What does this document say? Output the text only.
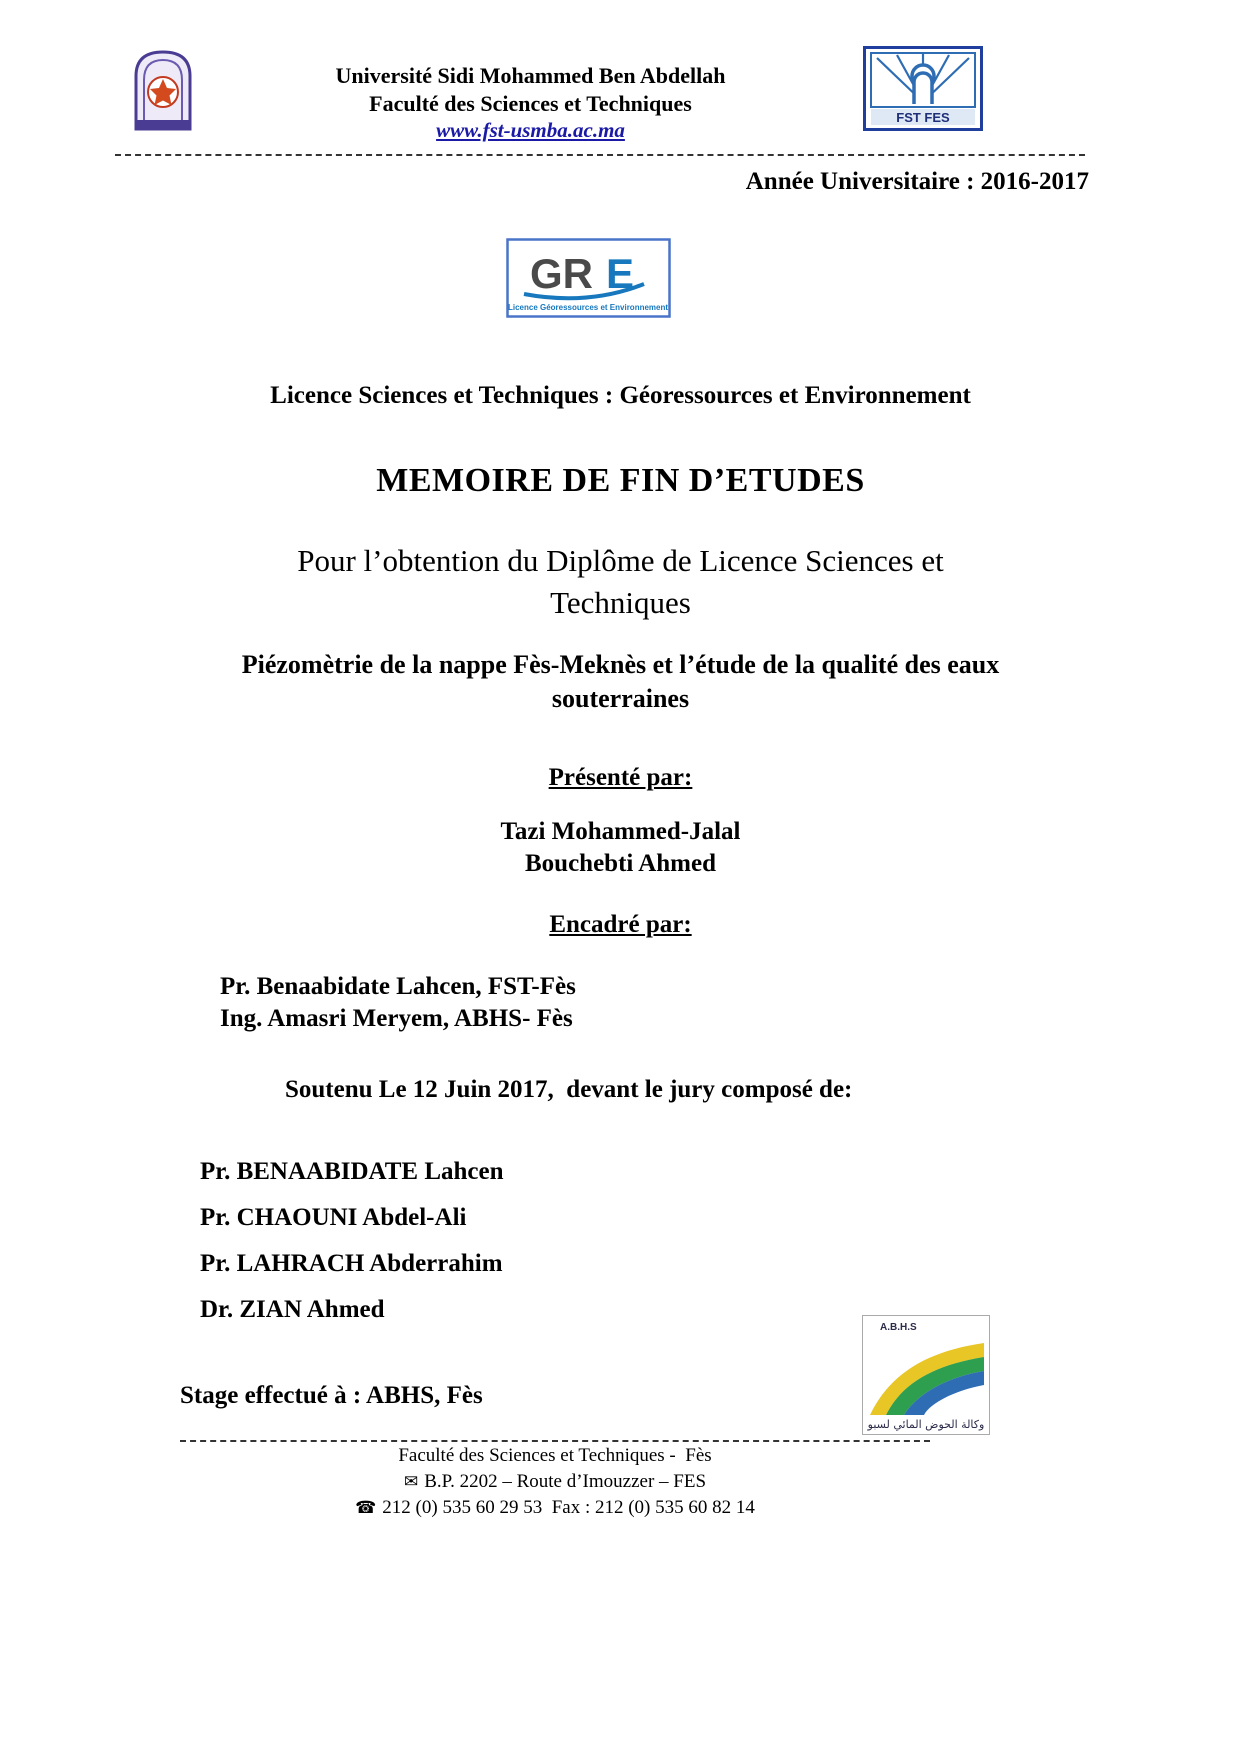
Université Sidi Mohammed Ben Abdellah
Faculté des Sciences et Techniques
www.fst-usmba.ac.ma
FST FES
Année Universitaire : 2016-2017
GR E
Licence Géoressources et Environnement
Licence Sciences et Techniques : Géoressources et Environnement
MEMOIRE DE FIN D’ETUDES
Pour l’obtention du Diplôme de Licence Sciences et Techniques
Piézomètrie de la nappe Fès-Meknès et l’étude de la qualité des eaux souterraines
Présenté par:
Tazi Mohammed-Jalal
Bouchebti Ahmed
Encadré par:
Pr. Benaabidate Lahcen, FST-Fès
Ing. Amasri Meryem, ABHS- Fès
Soutenu Le 12 Juin 2017,  devant le jury composé de:
Pr. BENAABIDATE Lahcen
Pr. CHAOUNI Abdel-Ali
Pr. LAHRACH Abderrahim
Dr. ZIAN Ahmed
Stage effectué à : ABHS, Fès
A.B.H.S
وكالة الحوض المائي لسبو
Faculté des Sciences et Techniques -  Fès
✉ B.P. 2202 – Route d’Imouzzer – FES
☎ 212 (0) 535 60 29 53  Fax : 212 (0) 535 60 82 14
